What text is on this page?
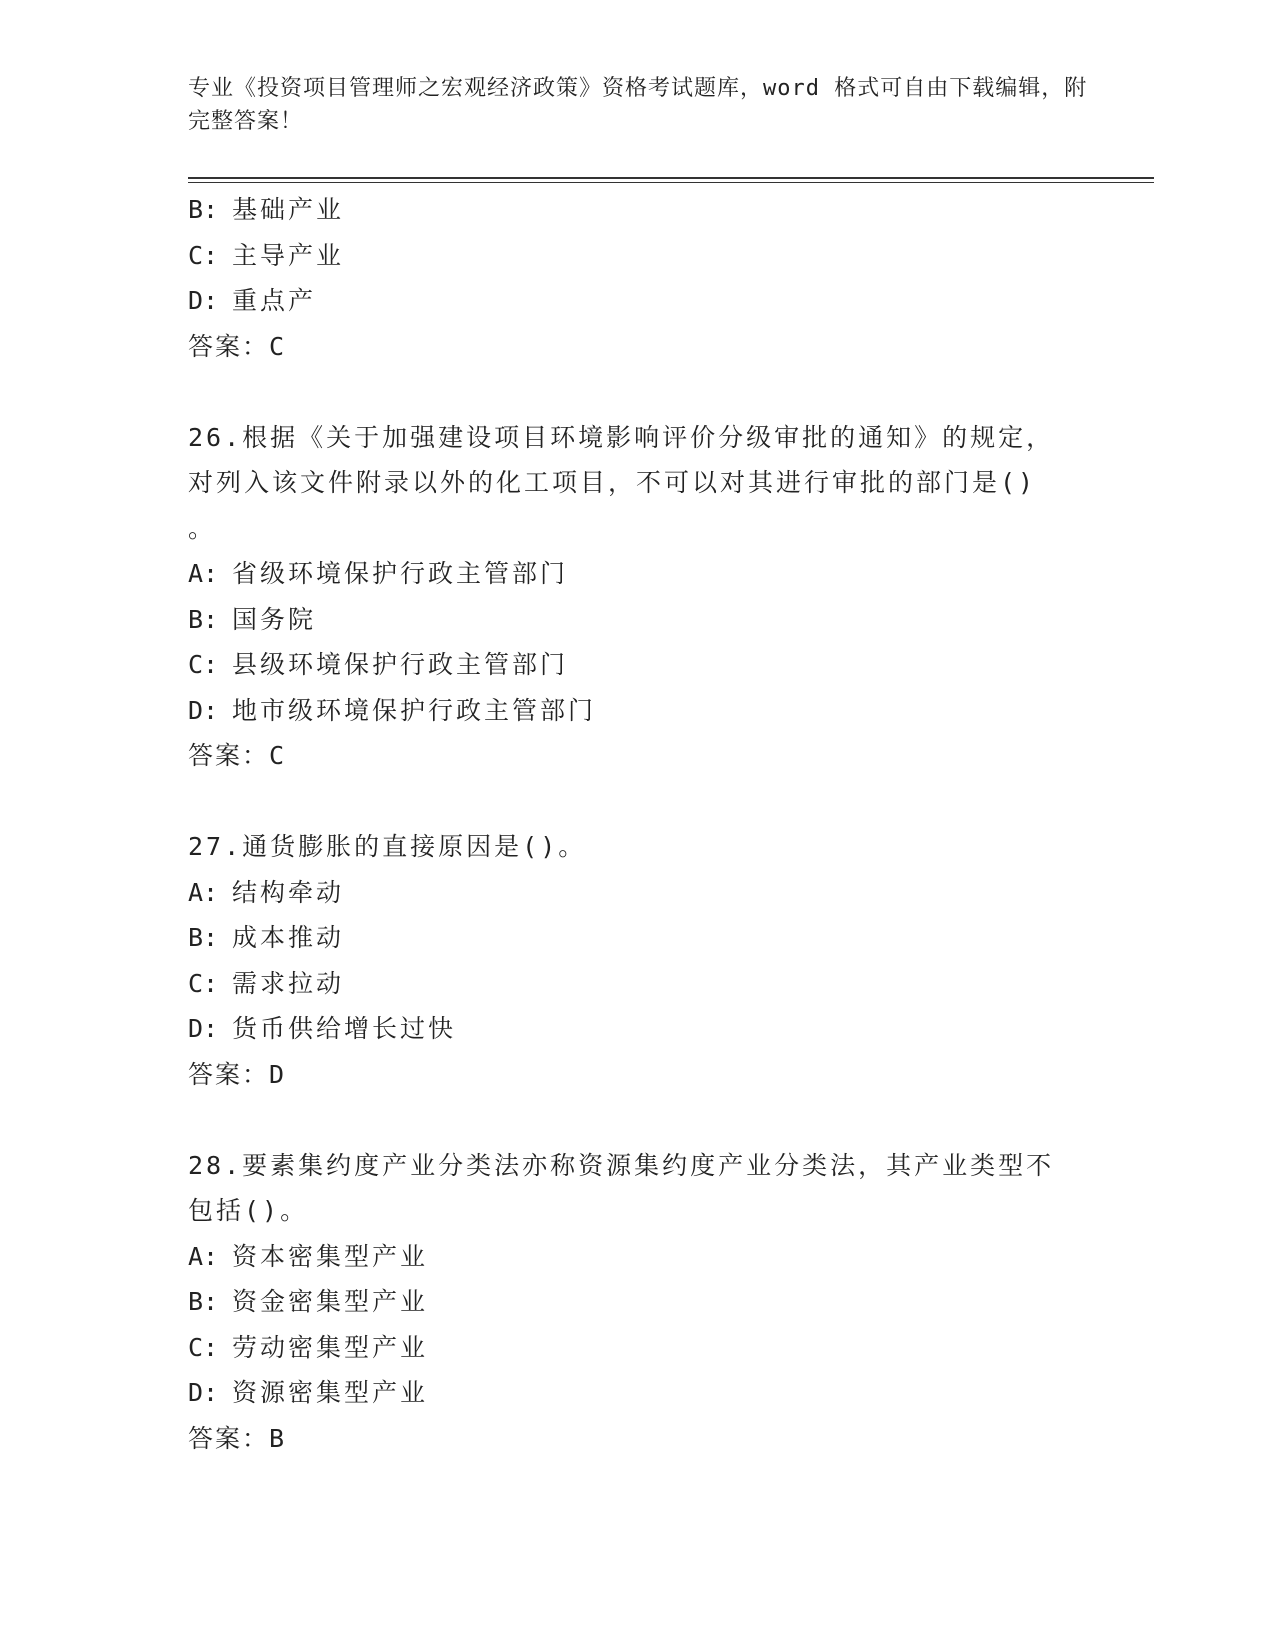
专业《投资项目管理师之宏观经济政策》资格考试题库，word 格式可自由下载编辑，附完整答案！
B: 基础产业
C: 主导产业
D: 重点产
答案：C
26.根据《关于加强建设项目环境影响评价分级审批的通知》的规定，
对列入该文件附录以外的化工项目，不可以对其进行审批的部门是()
。
A: 省级环境保护行政主管部门
B: 国务院
C: 县级环境保护行政主管部门
D: 地市级环境保护行政主管部门
答案：C
27.通货膨胀的直接原因是()。
A: 结构牵动
B: 成本推动
C: 需求拉动
D: 货币供给增长过快
答案：D
28.要素集约度产业分类法亦称资源集约度产业分类法，其产业类型不
包括()。
A: 资本密集型产业
B: 资金密集型产业
C: 劳动密集型产业
D: 资源密集型产业
答案：B
